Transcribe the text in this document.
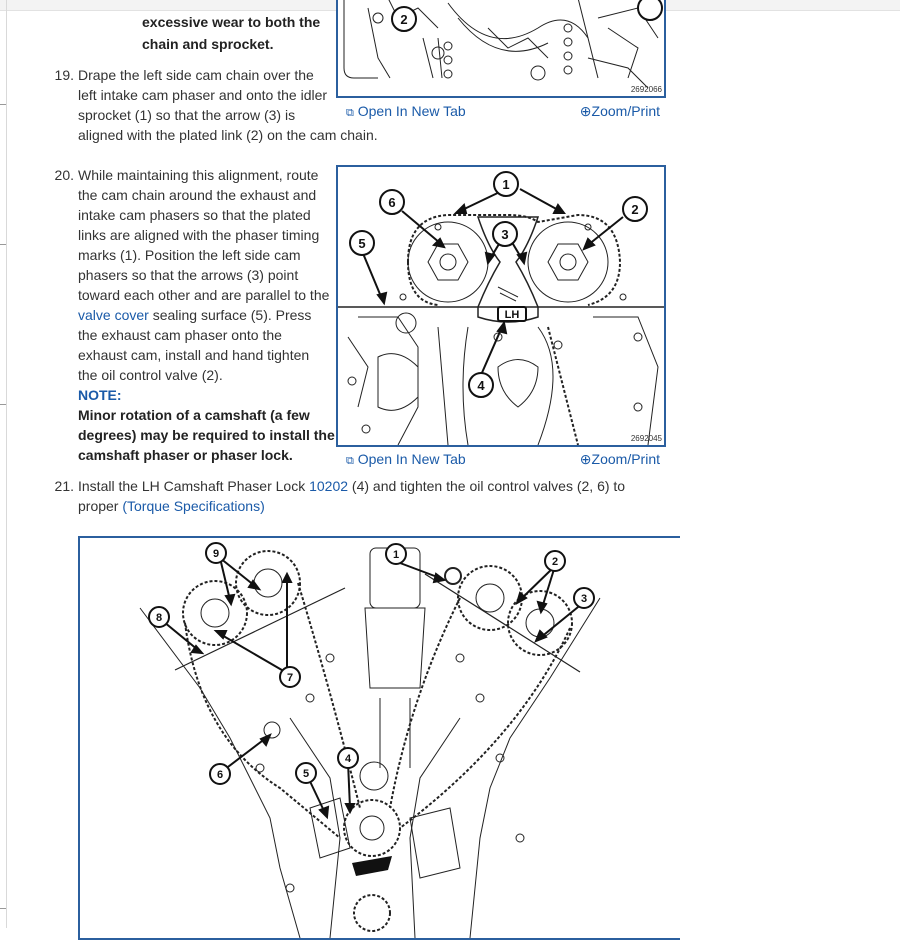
excessive wear to both the
chain and sprocket.
19. Drape the left side cam chain over the
left intake cam phaser and onto the idler
sprocket (1) so that the arrow (3) is
aligned with the plated link (2) on the cam chain.
2
2692066
⧉ Open In New Tab	⊕Zoom/Print
20. While maintaining this alignment, route
the cam chain around the exhaust and
intake cam phasers so that the plated
links are aligned with the phaser timing
marks (1). Position the left side cam
phasers so that the arrows (3) point
toward each other and are parallel to the
valve cover sealing surface (5). Press
the exhaust cam phaser onto the
exhaust cam, install and hand tighten
the oil control valve (2).
NOTE:
Minor rotation of a camshaft (a few
degrees) may be required to install the
camshaft phaser or phaser lock.
LH
1
2
3
4
5
6
2692045
⧉ Open In New Tab	⊕Zoom/Print
21. Install the LH Camshaft Phaser Lock 10202 (4) and tighten the oil control valves (2, 6) to
proper (Torque Specifications)
1
2
3
4
5
6
7
8
9
